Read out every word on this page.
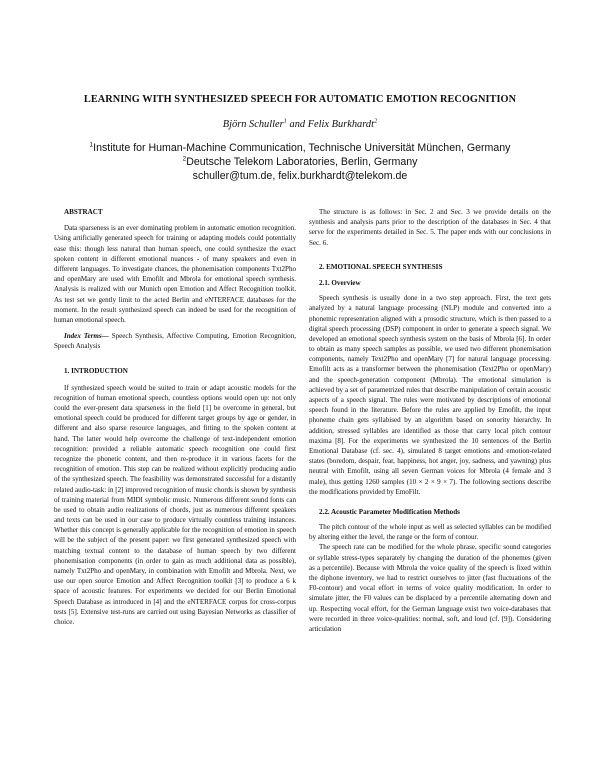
LEARNING WITH SYNTHESIZED SPEECH FOR AUTOMATIC EMOTION RECOGNITION
Björn Schuller$^1$ and Felix Burkhardt$^2$
$^1$Institute for Human-Machine Communication, Technische Universität München, Germany
$^2$Deutsche Telekom Laboratories, Berlin, Germany
schuller@tum.de, felix.burkhardt@telekom.de

ABSTRACT

Data sparseness is an ever dominating problem in automatic emotion recognition. Using artificially generated speech for training or adapting models could potentially ease this: though less natural than human speech, one could synthesize the exact spoken content in different emotional nuances - of many speakers and even in different languages. To investigate chances, the phonemisation components Txt2Pho and openMary are used with Emofilt and Mbrola for emotional speech synthesis. Analysis is realized with our Munich open Emotion and Affect Recognition toolkit. As test set we gently limit to the acted Berlin and eNTERFACE databases for the moment. In the result synthesized speech can indeed be used for the recognition of human emotional speech.

Index Terms— Speech Synthesis, Affective Computing, Emotion Recognition, Speech Analysis

1. INTRODUCTION

If synthesized speech would be suited to train or adapt acoustic models for the recognition of human emotional speech, countless options would open up: not only could the ever-present data sparseness in the field [1] be overcome in general, but emotional speech could be produced for different target groups by age or gender, in different and also sparse resource languages, and fitting to the spoken content at hand. The latter would help overcome the challenge of text-independent emotion recognition: provided a reliable automatic speech recognition one could first recognize the phonetic content, and then re-produce it in various facets for the recognition of emotion. This step can be realized without explicitly producing audio of the synthesized speech. The feasibility was demonstrated successful for a distantly related audio-task: in [2] improved recognition of music chords is shown by synthesis of training material from MIDI symbolic music. Numerous different sound fonts can be used to obtain audio realizations of chords, just as numerous different speakers and texts can be used in our case to produce virtually countless training instances. Whether this concept is generally applicable for the recognition of emotion in speech will be the subject of the present paper: we first generated synthesized speech with matching textual content to the database of human speech by two different phonemisation components (in order to gain as much additional data as possible), namely Txt2Pho and openMary, in combination with Emofilt and Mbrola. Next, we use our open source Emotion and Affect Recognition toolkit [3] to produce a 6 k space of acoustic features. For experiments we decided for our Berlin Emotional Speech Database as introduced in [4] and the eNTERFACE corpus for cross-corpus tests [5]. Extensive test-runs are carried out using Bayesian Networks as classifier of choice.

The structure is as follows: in Sec. 2 and Sec. 3 we provide details on the synthesis and analysis parts prior to the description of the databases in Sec. 4 that serve for the experiments detailed in Sec. 5. The paper ends with our conclusions in Sec. 6.

2. EMOTIONAL SPEECH SYNTHESIS

2.1. Overview

Speech synthesis is usually done in a two step approach. First, the text gets analyzed by a natural language processing (NLP) module and converted into a phonemic representation aligned with a prosodic structure, which is then passed to a digital speech processing (DSP) component in order to generate a speech signal. We developed an emotional speech synthesis system on the basis of Mbrola [6]. In order to obtain as many speech samples as possible, we used two different phonemisation components, namely Text2Pho and openMary [7] for natural language processing. Emofilt acts as a transformer between the phonemisation (Text2Pho or openMary) and the speech-generation component (Mbrola). The emotional simulation is achieved by a set of parametrized rules that describe manipulation of certain acoustic aspects of a speech signal. The rules were motivated by descriptions of emotional speech found in the literature. Before the rules are applied by Emofilt, the input phoneme chain gets syllabised by an algorithm based on sonority hierarchy. In addition, stressed syllables are identified as those that carry local pitch contour maxima [8]. For the experiments we synthesized the 10 sentences of the Berlin Emotional Database (cf. sec. 4), simulated 8 target emotions and emotion-related states (boredom, despair, fear, happiness, hot anger, joy, sadness, and yawning) plus neutral with Emofilt, using all seven German voices for Mbrola (4 female and 3 male), thus getting 1260 samples (10 × 2 × 9 × 7). The following sections describe the modifications provided by EmoFilt.

2.2. Acoustic Parameter Modification Methods

The pitch contour of the whole input as well as selected syllables can be modified by altering either the level, the range or the form of contour.

The speech rate can be modified for the whole phrase, specific sound categories or syllable stress-types separately by changing the duration of the phonemes (given as a percentile). Because with Mbrola the voice quality of the speech is fixed within the diphone inventory, we had to restrict ourselves to jitter (fast fluctuations of the F0-contour) and vocal effort in terms of voice quality modification. In order to simulate jitter, the F0 values can be displaced by a percentile alternating down and up. Respecting vocal effort, for the German language exist two voice-databases that were recorded in three voice-qualities: normal, soft, and loud (cf. [9]). Considering articulation
